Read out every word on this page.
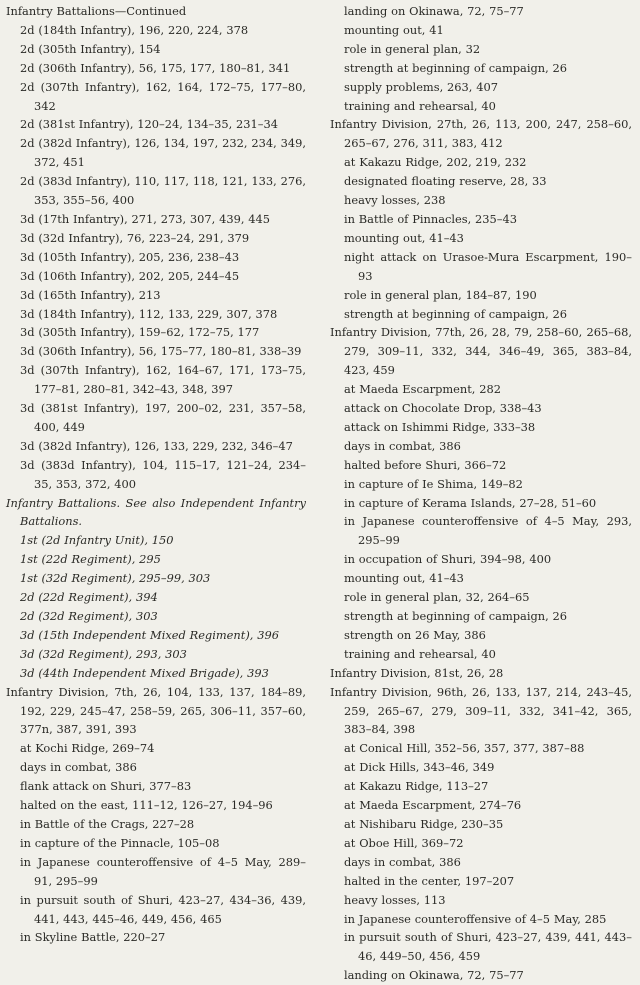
Infantry Battalions—Continued
2d (184th Infantry), 196, 220, 224, 378
2d (305th Infantry), 154
2d (306th Infantry), 56, 175, 177, 180–81, 341
2d (307th Infantry), 162, 164, 172–75, 177–80, 342
2d (381st Infantry), 120–24, 134–35, 231–34
2d (382d Infantry), 126, 134, 197, 232, 234, 349, 372, 451
2d (383d Infantry), 110, 117, 118, 121, 133, 276, 353, 355–56, 400
3d (17th Infantry), 271, 273, 307, 439, 445
3d (32d Infantry), 76, 223–24, 291, 379
3d (105th Infantry), 205, 236, 238–43
3d (106th Infantry), 202, 205, 244–45
3d (165th Infantry), 213
3d (184th Infantry), 112, 133, 229, 307, 378
3d (305th Infantry), 159–62, 172–75, 177
3d (306th Infantry), 56, 175–77, 180–81, 338–39
3d (307th Infantry), 162, 164–67, 171, 173–75, 177–81, 280–81, 342–43, 348, 397
3d (381st Infantry), 197, 200–02, 231, 357–58, 400, 449
3d (382d Infantry), 126, 133, 229, 232, 346–47
3d (383d Infantry), 104, 115–17, 121–24, 234–35, 353, 372, 400
Infantry Battalions. See also Independent Infantry Battalions.
1st (2d Infantry Unit), 150
1st (22d Regiment), 295
1st (32d Regiment), 295–99, 303
2d (22d Regiment), 394
2d (32d Regiment), 303
3d (15th Independent Mixed Regiment), 396
3d (32d Regiment), 293, 303
3d (44th Independent Mixed Brigade), 393
Infantry Division, 7th, 26, 104, 133, 137, 184–89, 192, 229, 245–47, 258–59, 265, 306–11, 357–60, 377n, 387, 391, 393
at Kochi Ridge, 269–74
days in combat, 386
flank attack on Shuri, 377–83
halted on the east, 111–12, 126–27, 194–96
in Battle of the Crags, 227–28
in capture of the Pinnacle, 105–08
in Japanese counteroffensive of 4–5 May, 289–91, 295–99
in pursuit south of Shuri, 423–27, 434–36, 439, 441, 443, 445–46, 449, 456, 465
in Skyline Battle, 220–27
landing on Okinawa, 72, 75–77
mounting out, 41
role in general plan, 32
strength at beginning of campaign, 26
supply problems, 263, 407
training and rehearsal, 40
Infantry Division, 27th, 26, 113, 200, 247, 258–60, 265–67, 276, 311, 383, 412
at Kakazu Ridge, 202, 219, 232
designated floating reserve, 28, 33
heavy losses, 238
in Battle of Pinnacles, 235–43
mounting out, 41–43
night attack on Urasoe-Mura Escarpment, 190–93
role in general plan, 184–87, 190
strength at beginning of campaign, 26
Infantry Division, 77th, 26, 28, 79, 258–60, 265–68, 279, 309–11, 332, 344, 346–49, 365, 383–84, 423, 459
at Maeda Escarpment, 282
attack on Chocolate Drop, 338–43
attack on Ishimmi Ridge, 333–38
days in combat, 386
halted before Shuri, 366–72
in capture of Ie Shima, 149–82
in capture of Kerama Islands, 27–28, 51–60
in Japanese counteroffensive of 4–5 May, 293, 295–99
in occupation of Shuri, 394–98, 400
mounting out, 41–43
role in general plan, 32, 264–65
strength at beginning of campaign, 26
strength on 26 May, 386
training and rehearsal, 40
Infantry Division, 81st, 26, 28
Infantry Division, 96th, 26, 133, 137, 214, 243–45, 259, 265–67, 279, 309–11, 332, 341–42, 365, 383–84, 398
at Conical Hill, 352–56, 357, 377, 387–88
at Dick Hills, 343–46, 349
at Kakazu Ridge, 113–27
at Maeda Escarpment, 274–76
at Nishibaru Ridge, 230–35
at Oboe Hill, 369–72
days in combat, 386
halted in the center, 197–207
heavy losses, 113
in Japanese counteroffensive of 4–5 May, 285
in pursuit south of Shuri, 423–27, 439, 441, 443–46, 449–50, 456, 459
landing on Okinawa, 72, 75–77
